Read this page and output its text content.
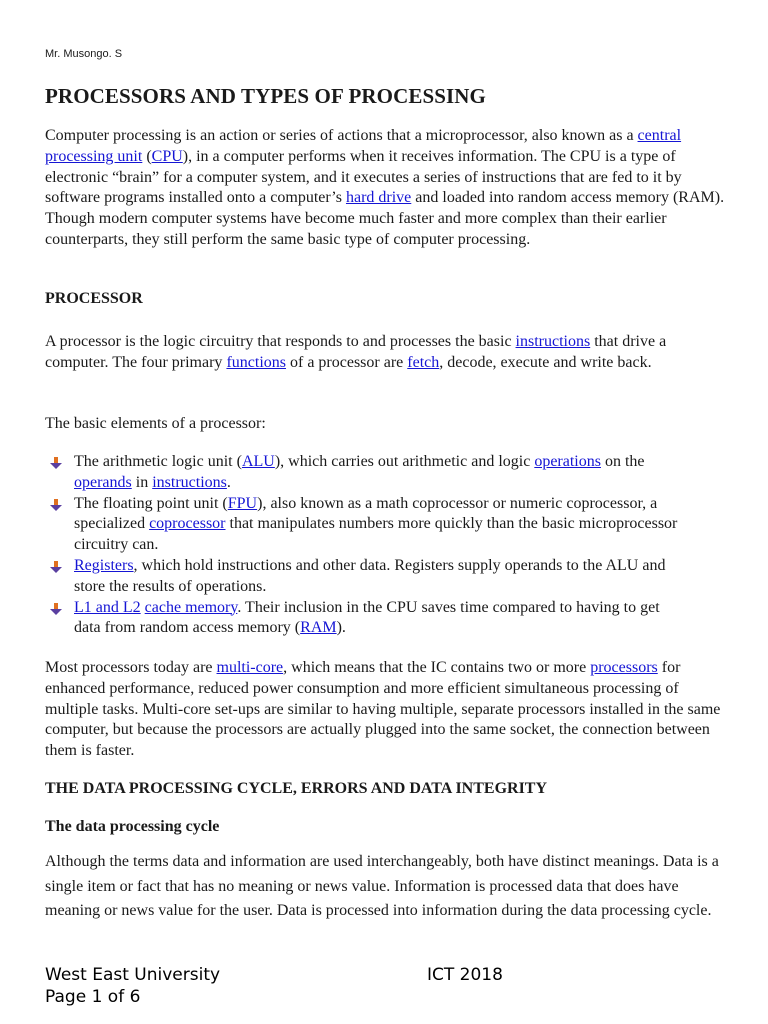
Mr. Musongo. S
PROCESSORS AND TYPES OF PROCESSING

Computer processing is an action or series of actions that a microprocessor, also known as a central processing unit (CPU), in a computer performs when it receives information. The CPU is a type of electronic “brain” for a computer system, and it executes a series of instructions that are fed to it by software programs installed onto a computer’s hard drive and loaded into random access memory (RAM). Though modern computer systems have become much faster and more complex than their earlier counterparts, they still perform the same basic type of computer processing.

PROCESSOR

A processor is the logic circuitry that responds to and processes the basic instructions that drive a computer. The four primary functions of a processor are fetch, decode, execute and write back.

The basic elements of a processor:

The arithmetic logic unit (ALU), which carries out arithmetic and logic operations on the operands in instructions.
The floating point unit (FPU), also known as a math coprocessor or numeric coprocessor, a specialized coprocessor that manipulates numbers more quickly than the basic microprocessor circuitry can.
Registers, which hold instructions and other data. Registers supply operands to the ALU and store the results of operations.
L1 and L2 cache memory. Their inclusion in the CPU saves time compared to having to get data from random access memory (RAM).

Most processors today are multi-core, which means that the IC contains two or more processors for enhanced performance, reduced power consumption and more efficient simultaneous processing of multiple tasks. Multi-core set-ups are similar to having multiple, separate processors installed in the same computer, but because the processors are actually plugged into the same socket, the connection between them is faster.

THE DATA PROCESSING CYCLE, ERRORS AND DATA INTEGRITY
The data processing cycle

Although the terms data and information are used interchangeably, both have distinct meanings. Data is a single item or fact that has no meaning or news value. Information is processed data that does have meaning or news value for the user. Data is processed into information during the data processing cycle.

West East University	ICT 2018
Page 1 of 6
